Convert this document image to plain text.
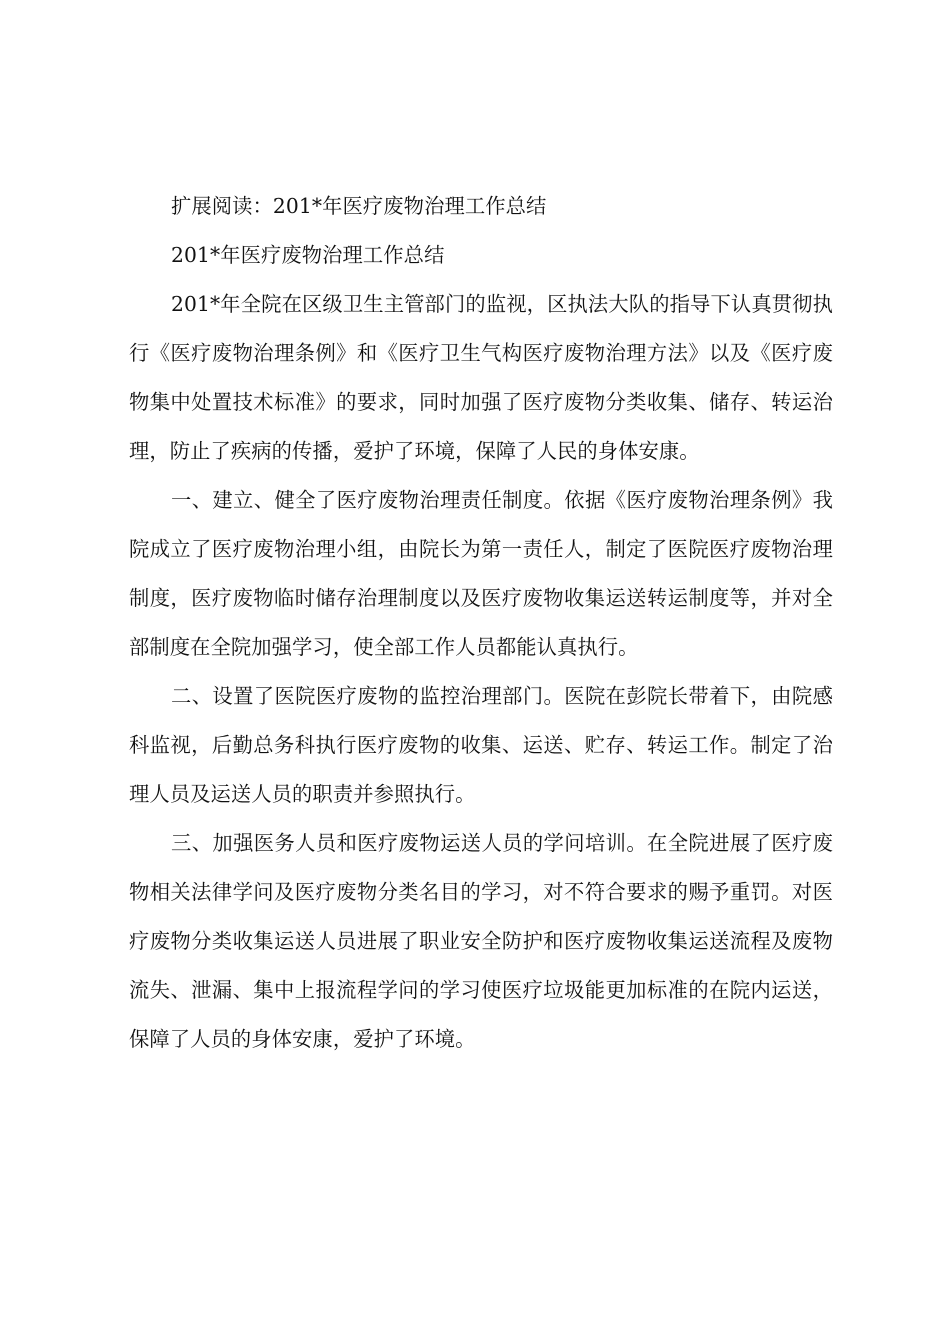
扩展阅读：201*年医疗废物治理工作总结

201*年医疗废物治理工作总结

201*年全院在区级卫生主管部门的监视，区执法大队的指导下认真贯彻执行《医疗废物治理条例》和《医疗卫生气构医疗废物治理方法》以及《医疗废物集中处置技术标准》的要求，同时加强了医疗废物分类收集、储存、转运治理，防止了疾病的传播，爱护了环境，保障了人民的身体安康。

一、建立、健全了医疗废物治理责任制度。依据《医疗废物治理条例》我院成立了医疗废物治理小组，由院长为第一责任人，制定了医院医疗废物治理制度，医疗废物临时储存治理制度以及医疗废物收集运送转运制度等，并对全部制度在全院加强学习，使全部工作人员都能认真执行。

二、设置了医院医疗废物的监控治理部门。医院在彭院长带着下，由院感科监视，后勤总务科执行医疗废物的收集、运送、贮存、转运工作。制定了治理人员及运送人员的职责并参照执行。

三、加强医务人员和医疗废物运送人员的学问培训。在全院进展了医疗废物相关法律学问及医疗废物分类名目的学习，对不符合要求的赐予重罚。对医疗废物分类收集运送人员进展了职业安全防护和医疗废物收集运送流程及废物流失、泄漏、集中上报流程学问的学习使医疗垃圾能更加标准的在院内运送，保障了人员的身体安康，爱护了环境。
